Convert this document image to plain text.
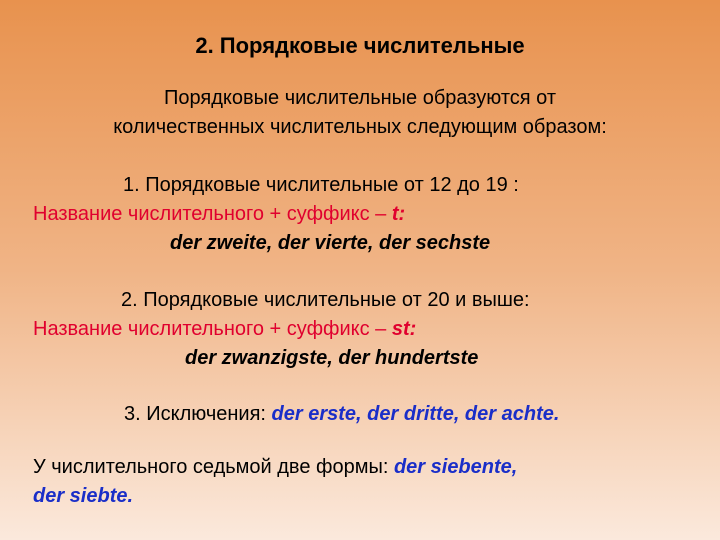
2. Порядковые числительные
Порядковые числительные образуются от
количественных числительных следующим образом:
1. Порядковые числительные от 12 до 19 :
Название числительного + суффикс – t:
der zweite, der vierte, der sechste
2. Порядковые числительные от 20 и выше:
Название числительного + суффикс – st:
der zwanzigste, der hundertste
3. Исключения: der erste, der dritte, der achte.
У числительного седьмой две формы: der siebente,
der siebte.
